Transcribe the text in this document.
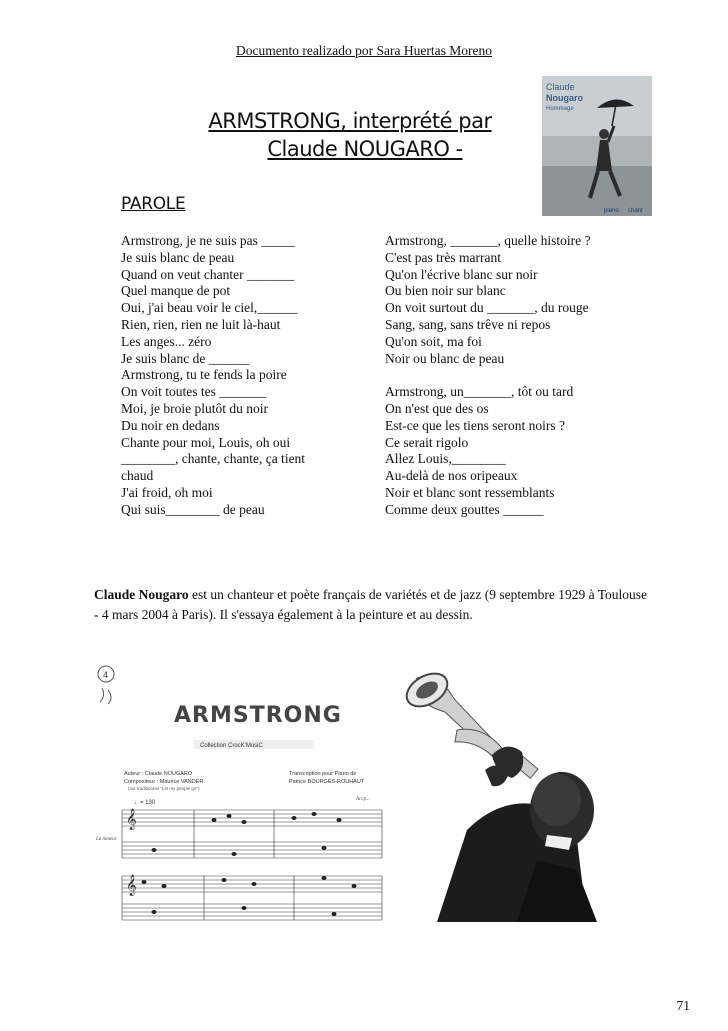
Documento realizado por Sara Huertas Moreno
Claude
Nougaro
Hommage
piano chant
ARMSTRONG, interprété par
Claude NOUGARO -
PAROLE
Armstrong, je ne suis pas _____
Je suis blanc de peau
Quand on veut chanter _______
Quel manque de pot
Oui, j'ai beau voir le ciel,______
Rien, rien, rien ne luit là-haut
Les anges... zéro
Je suis blanc de ______
Armstrong, tu te fends la poire
On voit toutes tes _______
Moi, je broie plutôt du noir
Du noir en dedans
Chante pour moi, Louis, oh oui
________, chante, chante, ça tient
chaud
J'ai froid, oh moi
Qui suis________ de peau
Armstrong, _______, quelle histoire ?
C'est pas très marrant
Qu'on l'écrive blanc sur noir
Ou bien noir sur blanc
On voit surtout du _______, du rouge
Sang, sang, sans trêve ni repos
Qu'on soit, ma foi
Noir ou blanc de peau
Armstrong, un_______, tôt ou tard
On n'est que des os
Est-ce que les tiens seront noirs ?
Ce serait rigolo
Allez Louis,________
Au-delà de nos oripeaux
Noir et blanc sont ressemblants
Comme deux gouttes ______
Claude Nougaro est un chanteur et poète français de variétés et de jazz (9 septembre 1929 à Toulouse - 4 mars 2004 à Paris). Il s'essaya également à la peinture et au dessin.
4
ARMSTRONG
Collection CrocK'MusiC
Auteur : Claude NOUGARO
Compositeur : Maurice VANDER
(sur traditionnel "Let my people go")
Transcription pour Piano de
Patrice BOURGÈS-ROUHAUT
♩= 130
Accp...
La mineur
𝄞
𝄞
71
